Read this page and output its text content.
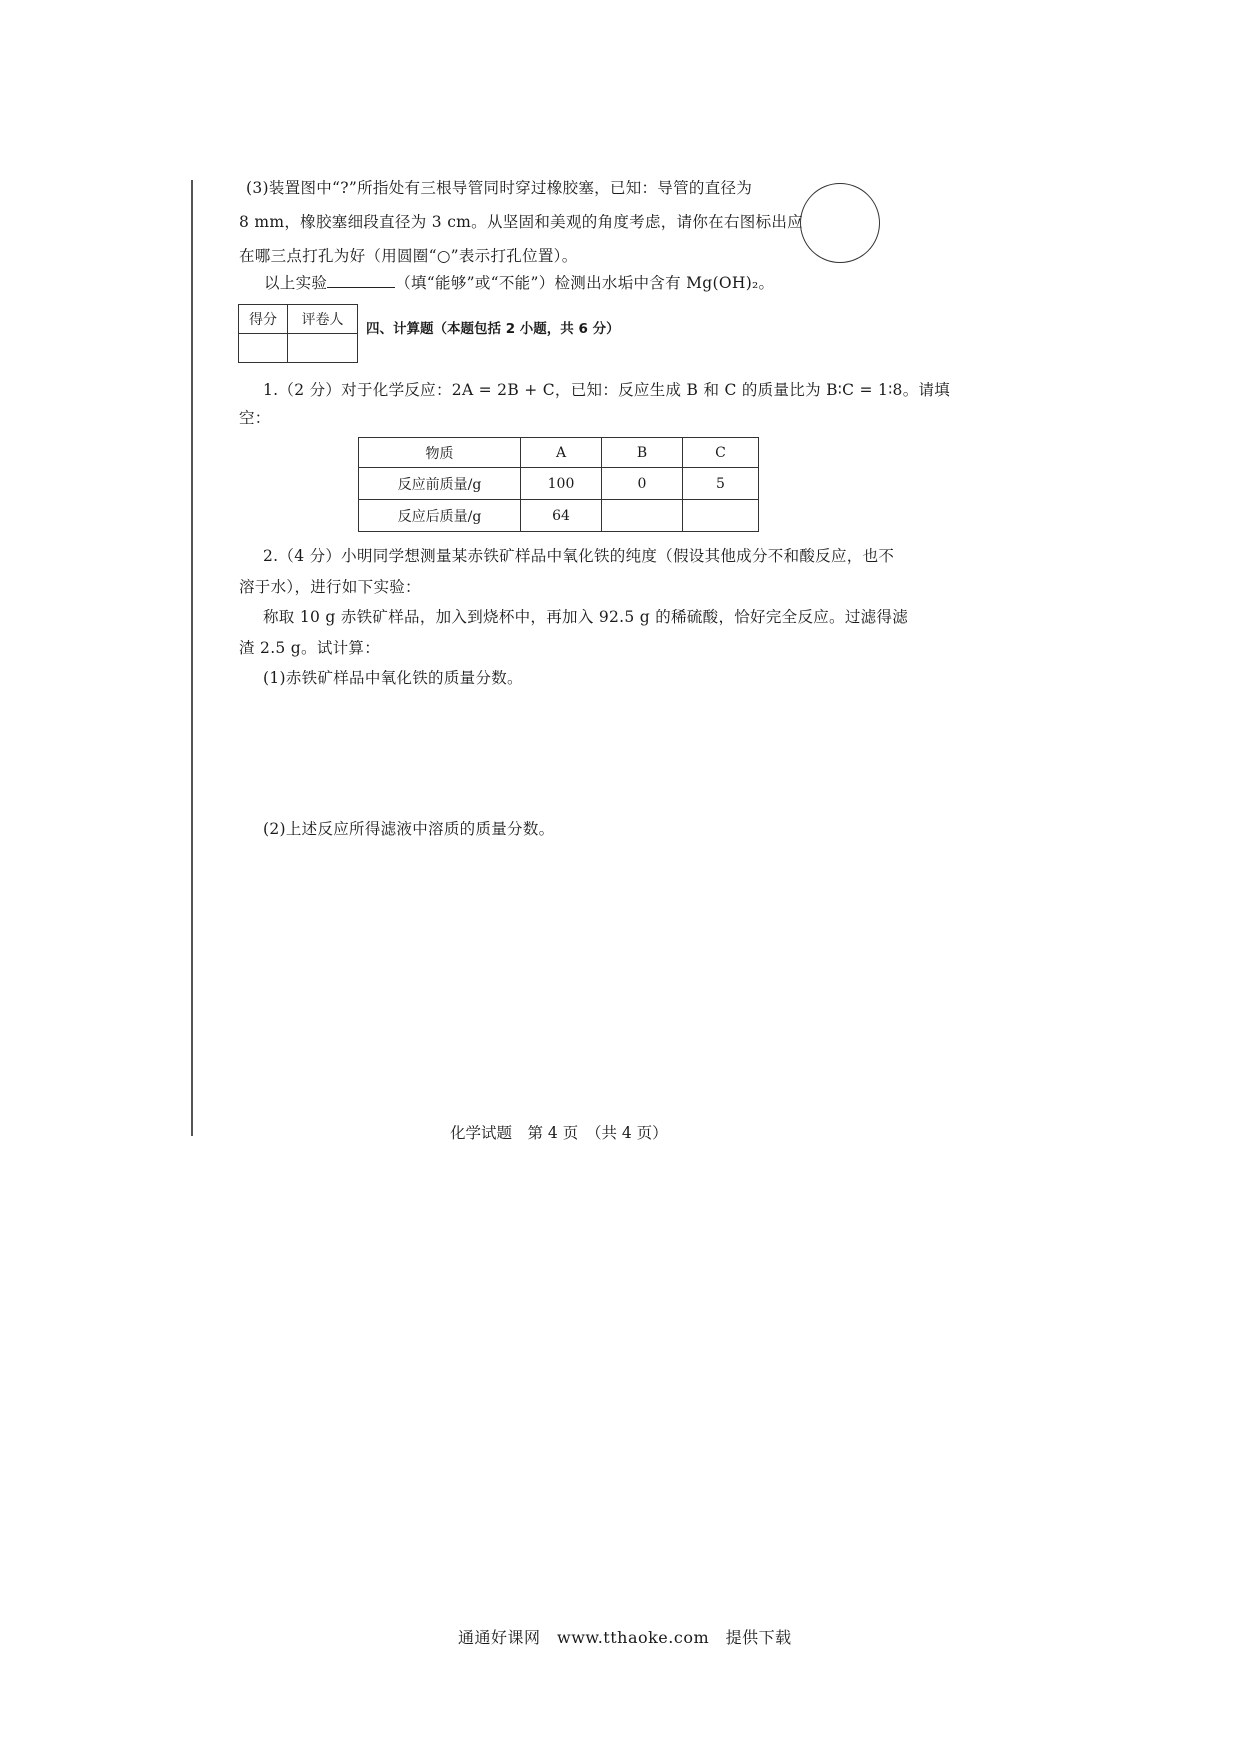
(3)装置图中“?”所指处有三根导管同时穿过橡胶塞，已知：导管的直径为
8 mm，橡胶塞细段直径为 3 cm。从坚固和美观的角度考虑，请你在右图标出应
在哪三点打孔为好（用圆圈“○”表示打孔位置）。
以上实验	（填“能够”或“不能”）检测出水垢中含有 Mg(OH)₂。
得分	评卷人

四、计算题（本题包括 2 小题，共 6 分）
1.（2 分）对于化学反应：2A = 2B + C，已知：反应生成 B 和 C 的质量比为 B∶C = 1∶8。请填
空：
物质	A	B	C
反应前质量/g	100	0	5
反应后质量/g	64		
2.（4 分）小明同学想测量某赤铁矿样品中氧化铁的纯度（假设其他成分不和酸反应，也不
溶于水），进行如下实验：
称取 10 g 赤铁矿样品，加入到烧杯中，再加入 92.5 g 的稀硫酸，恰好完全反应。过滤得滤
渣 2.5 g。试计算：
(1)赤铁矿样品中氧化铁的质量分数。
(2)上述反应所得滤液中溶质的质量分数。
化学试题　第 4 页　（共 4 页）
通通好课网　www.tthaoke.com　提供下载
